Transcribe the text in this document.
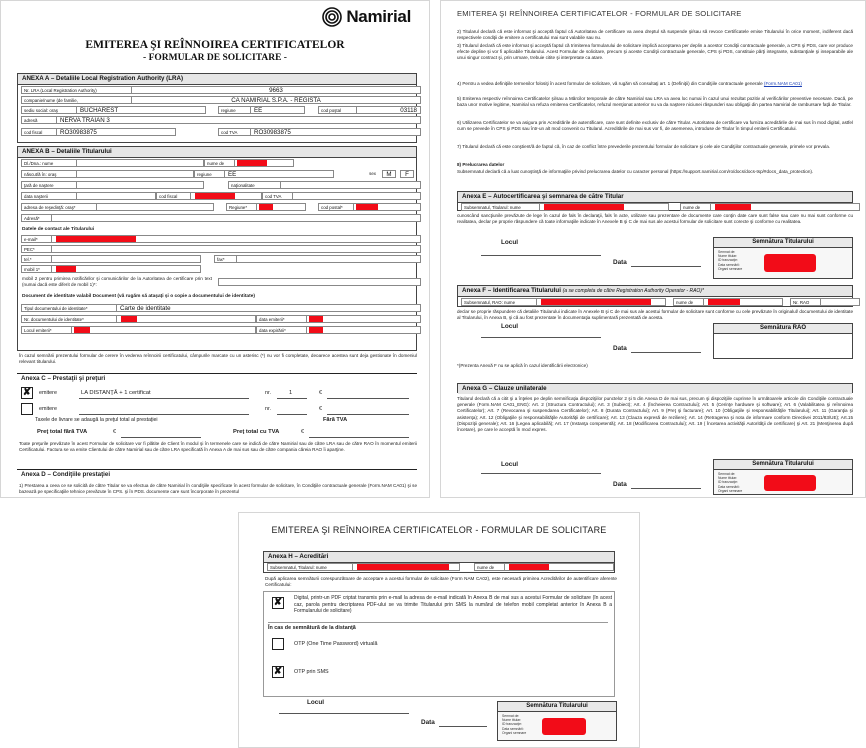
Namirial
EMITEREA ŞI REÎNNOIREA CERTIFICATELOR
- FORMULAR DE SOLICITARE -
ANEXA A – Detaliile Local Registration Authority (LRA)
Nr. LRA (Local Registration Authority)	9663
companie/nume (de familie,	CA NAMIRIAL S.P.A. - REGISTA
sediu social: oraş	BUCHAREST	regiune	EE	cod poştal	03118
adresă	NERVA TRAIAN 3
cod fiscal	RO30983875	cod TVA	RO30983875
ANEXA B – Detaliile Titularului
Dl./Dna.: nume	nume de
născut/ă în: oraş	regiune	EE	sex	M	F
ţară de naştere	naţionalitate
data naşterii	cod fiscal	cod TVA
adresa de reşedinţă: oraş*	Regiune*	cod postal*
Adresă*
Datele de contact ale Titularului
e-mail*
PEC*
tel.*	fax*
mobil 1*
mobil 2 pentru primirea notificărilor şi comunicărilor de la Autoritatea de certificare prin text (numai dacă este diferit de mobil 1)*:
Document de identitate valabil Document (vă rugăm să ataşaţi şi o copie a documentului de identitate)
Tipul documentului de identitate*	Carte de identitate
Nr. documentului de identitate*	data emiterii*
Locul emiterii*	data expirării*
În cazul semnării prezentului formular de cerere în vederea reînnoirii certificatului, câmpurile marcate cu un asterisc (*) nu vor fi completate, deoarece acestea sunt deja gestionate în domeniul relevant titularului.
Anexa C – Prestaţii şi preţuri
✘	emitere	LA DISTANŢĂ + 1 certificat	nr.	1	€
emitere	nr.	€
Taxele de livrare se adaugă la preţul total al prestaţiei	Fără TVA
Preţ total fără TVA	€	Preţ total cu TVA	€
Toate preţurile prevăzute în acest Formular de solicitare vor fi plătite de Client în modul şi în termenele care se indică de către Namirial sau de către LRA sau de către RAO în momentul emiterii Certificatului. Factura se va emite Clientului de către Namirial sau de către LRA specificată în Anexa A de mai sus sau de către compania căreia RAO îi aparţine.
Anexa D – Condiţiile prestaţiei
1) Prestarea a ceea ce se solicită de către Titular se va efectua de către Namirial în condiţiile specificate în acest formular de solicitare, în Condiţiile contractuale generale (Form.NAM CA01) şi se bazează pe specificaţiile tehnice prevăzute în CPS. şi în PDS. documente care sunt încorporate în prezentul
EMITEREA ŞI REÎNNOIREA CERTIFICATELOR - FORMULAR DE SOLICITARE
2) Titularul declară că este informat şi acceptă faptul că Autoritatea de certificare va avea dreptul să suspende şi/sau să revoce Certificatele emise Titularului în orice moment, indiferent dacă respectivele condiţii de emitere a certificatului mai sunt valabile sau nu.
3) Titularul declară că este informat şi acceptă faptul că trimiterea formularului de solicitare implică acceptarea per deplin a acestor Condiţii contractuale generale, a CPS şi PDS, care vor produce efecte depline şi vor fi aplicabile Titularului. Acest Formular de solicitare, precum şi aceste Condiţii contractuale generale, CPS şi PDS, constituie părţi integrante, substanţiale şi inseparabile ale unui singur contract şi, prin urmare, trebuie citite şi interpretate ca atare.
4) Pentru a vedea definiţiile termenilor folosiţi în acest formular de solicitare, vă rugăm să consultaţi art. 1 (Definiţii) din Condiţiile contractuale generale (Form.NAM CA01)
5) Emiterea respectiv reînnoirea Certificatelor şi/sau a Mărcilor temporale de către Namirial sau LRA va avea loc numai în cazul unui rezultat pozitiv al verificărilor preventive necesare. Dacă, pe baza unor motive legitime, Namirial va refuza emiterea Certificatelor, refuzul menţionat anterior nu va da naştere niciunei răspunderi sau obligaţii din partea Namirial de rambursare faţă de Titular.
6) Utilizarea Certificatelor se va asigura prin Acreditările de autentificare, care sunt definite exclusiv de către Titular. Autoritatea de certificare va furniza acreditările de mai sus în mod digital, astfel cum se prevede în CPS şi PDS sau într-un alt mod convenit cu Titularul. Acreditările de mai sus vor fi, de asemenea, introduse de Titular în timpul emiterii Certificatului.
7) Titularul declară că este conştient/ă de faptul că, în caz de conflict între prevederile prezentului formular de solicitare şi cele ale Condiţiilor contractuale generale, primele vor prevala.
8) Prelucrarea datelor
Subsemnatul declară că a luat cunoştinţă de informaţiile privind prelucrarea datelor cu caracter personal (https://support.namirial.com/ro/docs/docs-tsp/#docs_data_protection).
Anexa E – Autocertificarea şi semnarea de către Titular
Subsemnatul, Titularul: nume	nume de
cunoscând sancţiunile prevăzute de lege în cazul de fals în declaraţii, fals în acte, utilizare sau prezentare de documente care conţin date care sunt false sau care nu mai sunt conforme cu realitatea, declar pe proprie răspundere că toate informaţiile indicate în Anexele B şi C de mai sus ale acestui formular de solicitare sunt corecte şi conforme cu realitatea.
Locul
Data
Semnătura Titularului
Semnat de:
Nume titular:
ID tranzacţie:
Data semnării:
Organi semnare
Anexa F – Identificarea Titularului (a se completa de către Registration Authority Operator - RAO)*
Subsemnatul, RAO: nume	nume de	Nr. RAO
declar se proprie răspundere că detaliile Titularului indicate în Anexele B şi C de mai sus ale acestui formular de solicitare sunt conforme cu cele prevăzute în originalul/ documentului de identitate al Titularului, în Anexa B, şi că au fost prezentate în documentaţia suplimentară prezentată de acesta.
Locul
Data
Semnătura RAO
*(Prezenta Anexă F nu se aplică în cazul identificării electronice)
Anexa G – Clauze unilaterale
Titularul declară că a citit şi a înţeles pe deplin semnificaţia dispoziţiilor punctelor 2 şi 5 din Anexa D de mai sus, precum şi dispoziţiile cuprinse în următoarele articole din Condiţiile contractuale generale (Form.NAM CA01_ENG): Art. 2 (Structura Contractului); Art. 3 (Subiect); Art. 4 (Încheierea Contractului); Art. 5 (Cerinţe hardware şi software); Art. 6 (Valabilitatea şi reînnoirea Certificatelor); Art. 7 (Revocarea şi suspendarea Certificatelor); Art. 8 (Durata Contractului); Art. 9 (Preţ şi facturare); Art. 10 (Obligaţiile şi responsabilităţile Titularului); Art. 11 (Garanţia şi asistenţa); Art. 12 (Obligaţiile şi responsabilităţile Autorităţii de certificare); Art. 13 (Clauza expresă de reziliere); Art. 14 (Retragerea şi nota de informare conform Directivei 2011/83/UE); Art.15 (Dispoziţii generale); Art. 16 (Legea aplicabilă); Art. 17 (Instanţa competentă); Art. 18 (Modificarea Contractului); Art. 19 ( Încetarea activităţii Autorităţii de certificare) şi Art. 21 (Menţinerea după încetare), pe care le acceptă în mod expres.
Locul
Data
Semnătura Titularului
Semnat de:
Nume titular:
ID tranzacţie:
Data semnării:
Organi semnare
EMITEREA ŞI REÎNNOIREA CERTIFICATELOR - FORMULAR DE SOLICITARE
Anexa H – Acreditări
Subsemnatul, Titularul: nume	nume de
După aplicarea semnăturii corespunzătoare de acceptare a acestui formular de solicitare (Form NAM CA02), este necesară primirea Acreditărilor de autentificare aferente Certificatului:
✘	Digital, printr-un PDF criptat transmis prin e-mail la adresa de e-mail indicată în Anexa B de mai sus a acestui Formular de solicitare (în acest caz, parola pentru decriptarea PDF-ului se va trimite Titularului prin SMS la numărul de telefon mobil completat anterior în Anexa B a Formularului de solicitare)
În cas de semnătură de la distanţă
OTP (One Time Password) virtuală
✘	OTP prin SMS
Locul
Data
Semnătura Titularului
Semnat de:
Nume titular:
ID tranzacţie:
Data semnării:
Organi semnare
